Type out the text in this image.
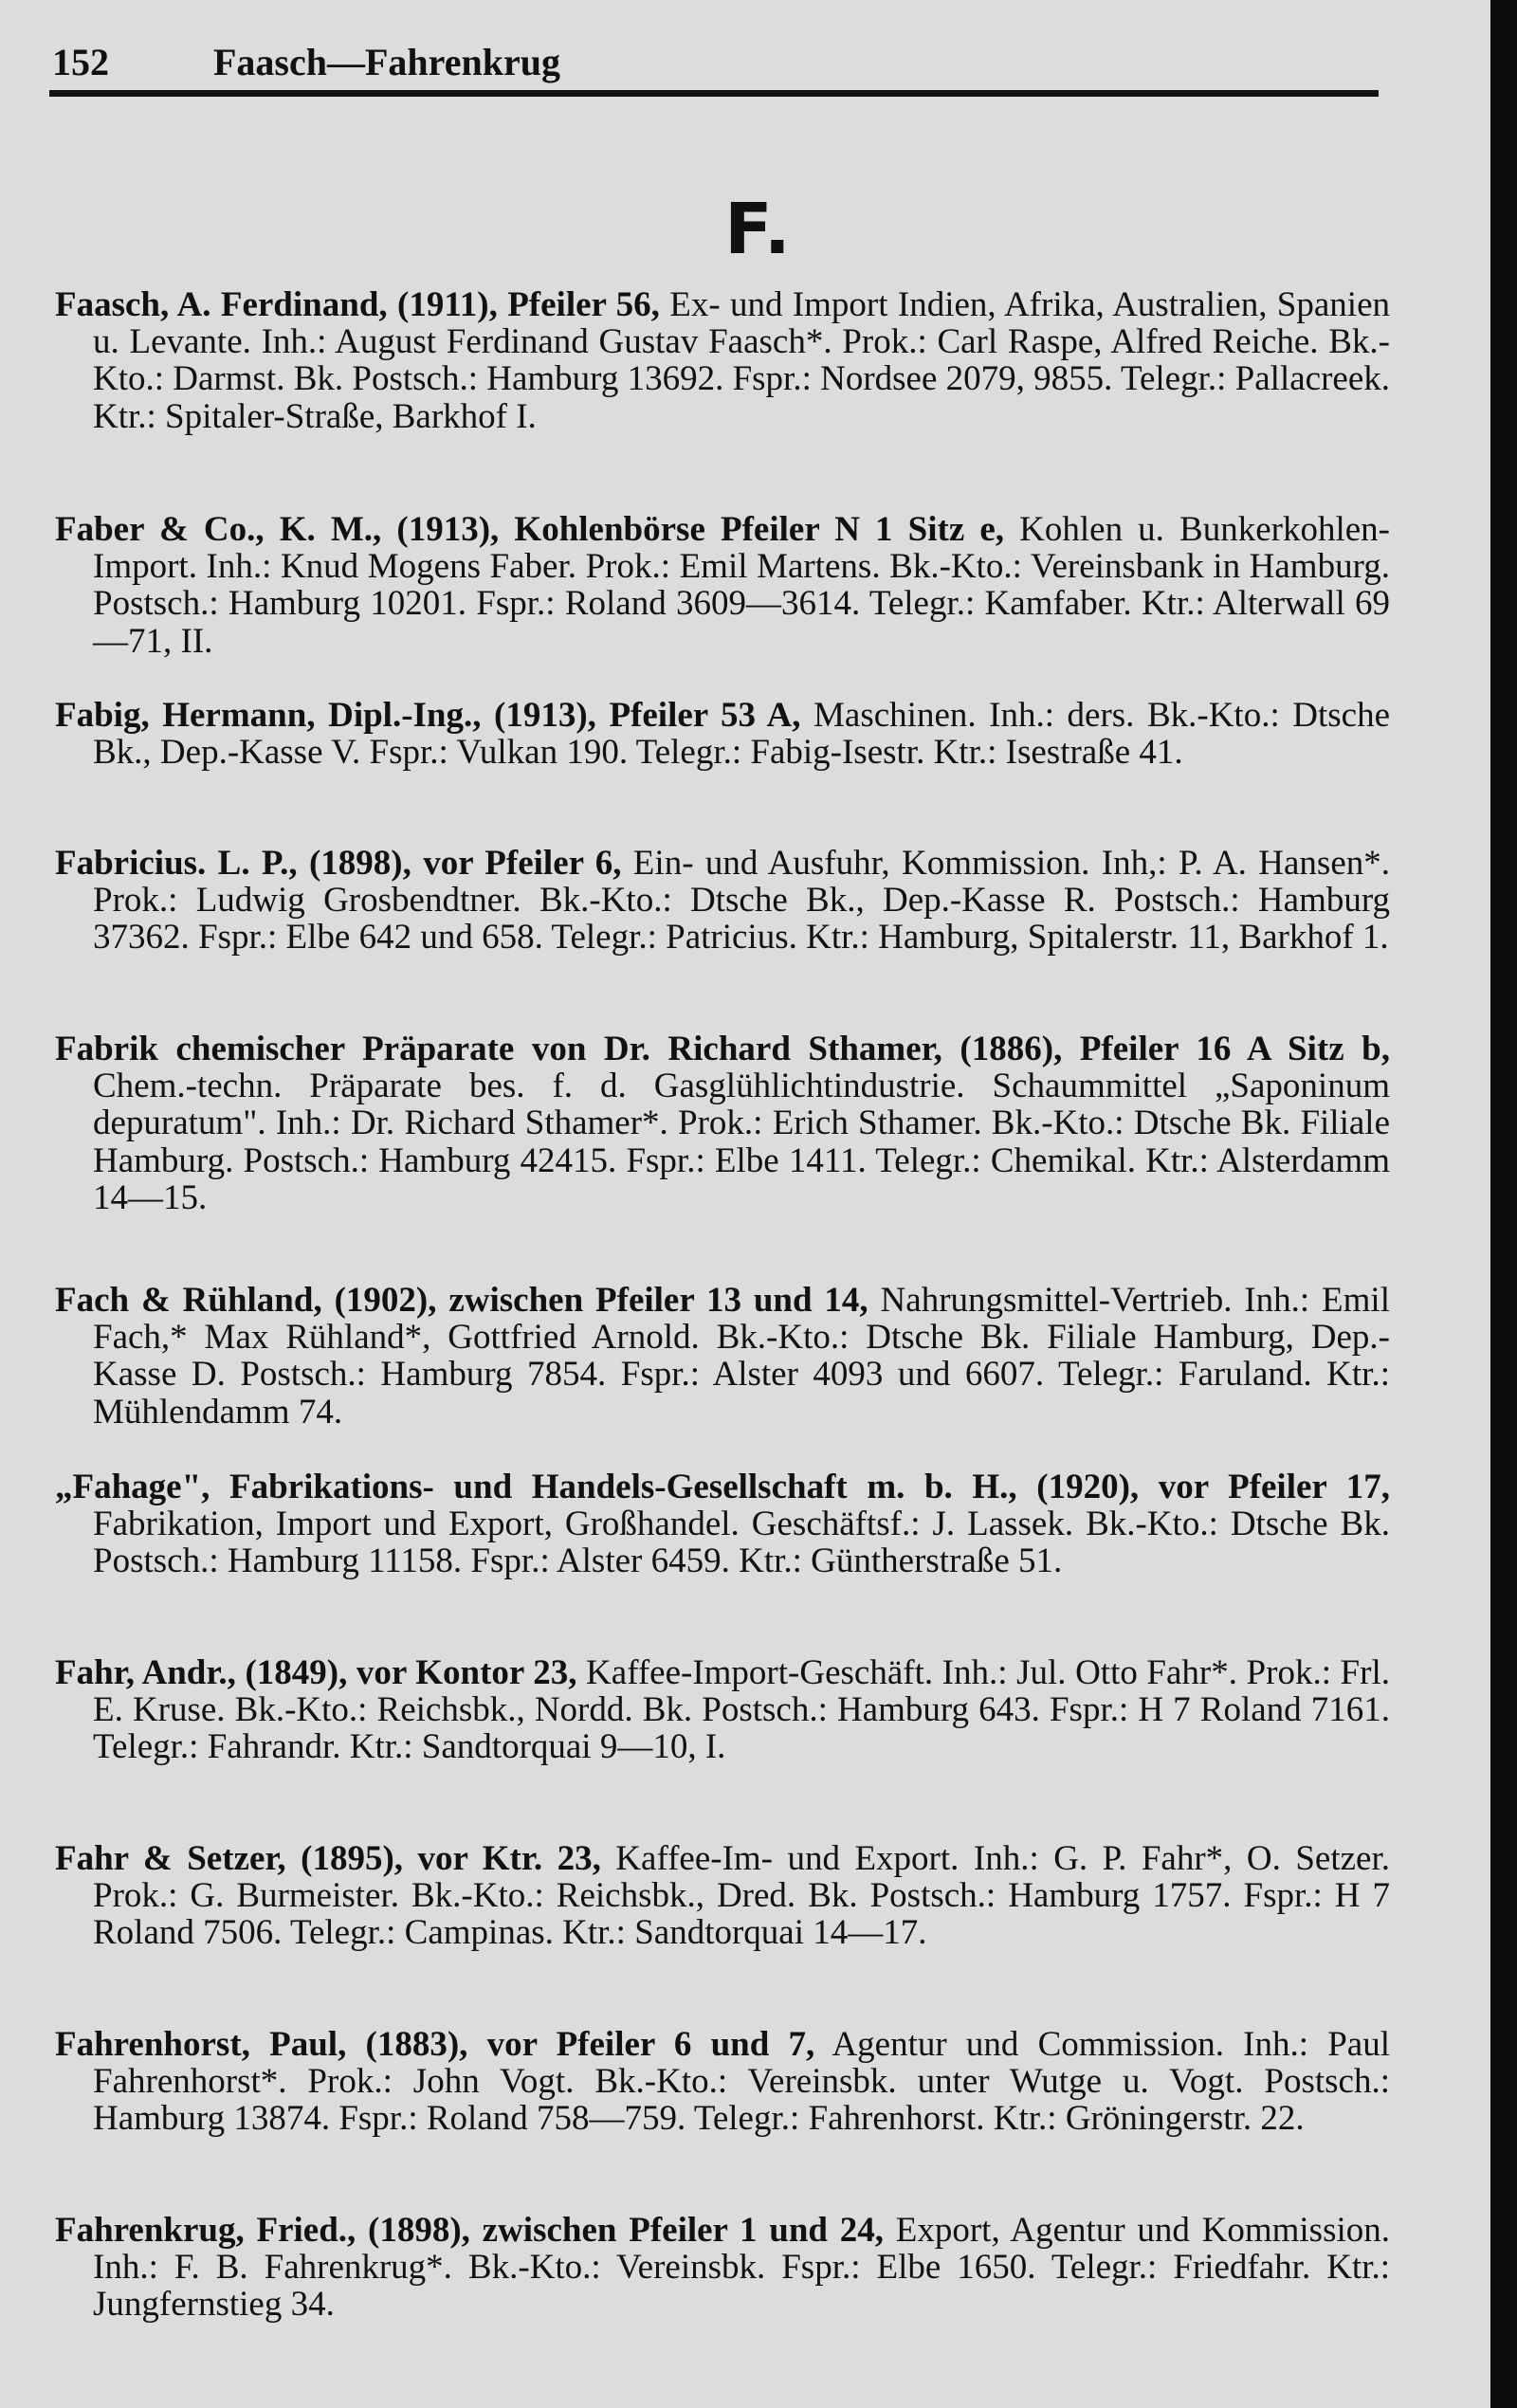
152	Faasch—Fahrenkrug
F.
Faasch, A. Ferdinand, (1911), Pfeiler 56, Ex- und Import Indien, Afrika, Australien, Spanien u. Levante. Inh.: August Ferdinand Gustav Faasch*. Prok.: Carl Raspe, Alfred Reiche. Bk.-Kto.: Darmst. Bk. Postsch.: Hamburg 13692. Fspr.: Nordsee 2079, 9855. Telegr.: Pallacreek. Ktr.: Spitaler-Straße, Barkhof I.
Faber & Co., K. M., (1913), Kohlenbörse Pfeiler N 1 Sitz e, Kohlen u. Bunkerkohlen-Import. Inh.: Knud Mogens Faber. Prok.: Emil Martens. Bk.-Kto.: Vereinsbank in Hamburg. Postsch.: Hamburg 10201. Fspr.: Roland 3609—3614. Telegr.: Kamfaber. Ktr.: Alterwall 69—71, II.
Fabig, Hermann, Dipl.-Ing., (1913), Pfeiler 53 A, Maschinen. Inh.: ders. Bk.-Kto.: Dtsche Bk., Dep.-Kasse V. Fspr.: Vulkan 190. Telegr.: Fabig-Isestr. Ktr.: Isestraße 41.
Fabricius. L. P., (1898), vor Pfeiler 6, Ein- und Ausfuhr, Kommission. Inh,: P. A. Hansen*. Prok.: Ludwig Grosbendtner. Bk.-Kto.: Dtsche Bk., Dep.-Kasse R. Postsch.: Hamburg 37362. Fspr.: Elbe 642 und 658. Telegr.: Patricius. Ktr.: Hamburg, Spitalerstr. 11, Barkhof 1.
Fabrik chemischer Präparate von Dr. Richard Sthamer, (1886), Pfeiler 16 A Sitz b, Chem.-techn. Präparate bes. f. d. Gasglühlichtindustrie. Schaummittel „Saponinum depuratum". Inh.: Dr. Richard Sthamer*. Prok.: Erich Sthamer. Bk.-Kto.: Dtsche Bk. Filiale Hamburg. Postsch.: Hamburg 42415. Fspr.: Elbe 1411. Telegr.: Chemikal. Ktr.: Alsterdamm 14—15.
Fach & Rühland, (1902), zwischen Pfeiler 13 und 14, Nahrungsmittel-Vertrieb. Inh.: Emil Fach,* Max Rühland*, Gottfried Arnold. Bk.-Kto.: Dtsche Bk. Filiale Hamburg, Dep.-Kasse D. Postsch.: Hamburg 7854. Fspr.: Alster 4093 und 6607. Telegr.: Faruland. Ktr.: Mühlendamm 74.
„Fahage", Fabrikations- und Handels-Gesellschaft m. b. H., (1920), vor Pfeiler 17, Fabrikation, Import und Export, Großhandel. Geschäftsf.: J. Lassek. Bk.-Kto.: Dtsche Bk. Postsch.: Hamburg 11158. Fspr.: Alster 6459. Ktr.: Güntherstraße 51.
Fahr, Andr., (1849), vor Kontor 23, Kaffee-Import-Geschäft. Inh.: Jul. Otto Fahr*. Prok.: Frl. E. Kruse. Bk.-Kto.: Reichsbk., Nordd. Bk. Postsch.: Hamburg 643. Fspr.: H 7 Roland 7161. Telegr.: Fahrandr. Ktr.: Sandtorquai 9—10, I.
Fahr & Setzer, (1895), vor Ktr. 23, Kaffee-Im- und Export. Inh.: G. P. Fahr*, O. Setzer. Prok.: G. Burmeister. Bk.-Kto.: Reichsbk., Dred. Bk. Postsch.: Hamburg 1757. Fspr.: H 7 Roland 7506. Telegr.: Campinas. Ktr.: Sandtorquai 14—17.
Fahrenhorst, Paul, (1883), vor Pfeiler 6 und 7, Agentur und Commission. Inh.: Paul Fahrenhorst*. Prok.: John Vogt. Bk.-Kto.: Vereinsbk. unter Wutge u. Vogt. Postsch.: Hamburg 13874. Fspr.: Roland 758—759. Telegr.: Fahrenhorst. Ktr.: Gröningerstr. 22.
Fahrenkrug, Fried., (1898), zwischen Pfeiler 1 und 24, Export, Agentur und Kommission. Inh.: F. B. Fahrenkrug*. Bk.-Kto.: Vereinsbk. Fspr.: Elbe 1650. Telegr.: Friedfahr. Ktr.: Jungfernstieg 34.
